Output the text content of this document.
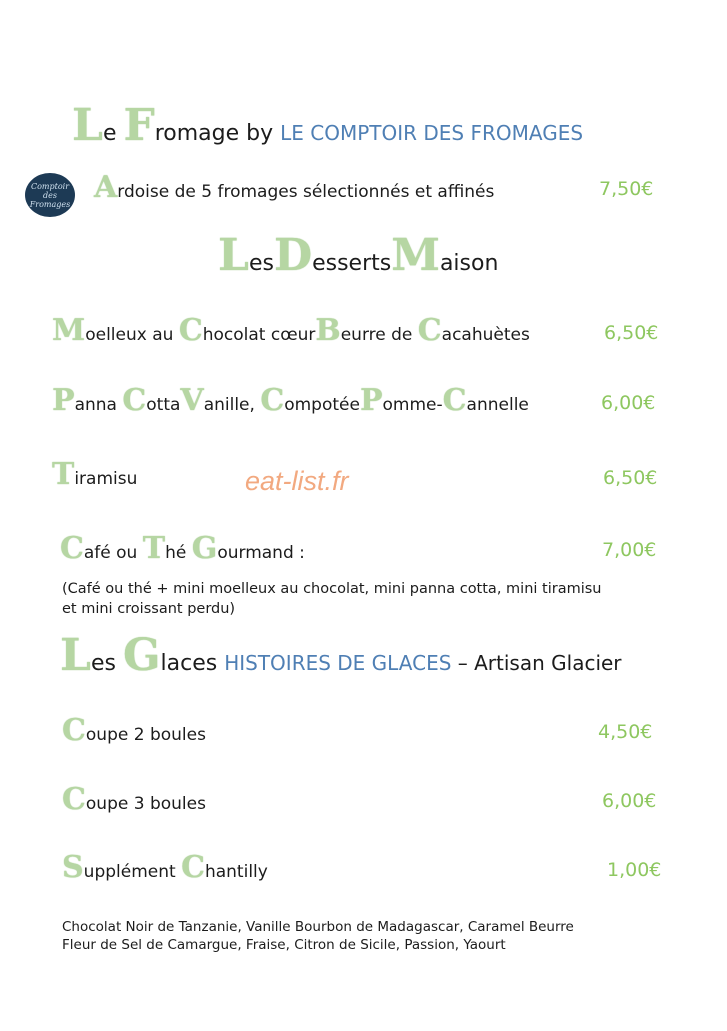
L e F romage by LE COMPTOIR DES FROMAGES
Comptoir des Fromages A rdoise de 5 fromages sélectionnés et affinés	7,50€
L es D esserts M aison
M oelleux au C hocolat cœur B eurre de C acahuètes	6,50€
P anna C otta V anille, C ompotée P omme- C annelle	6,00€
T iramisu	6,50€
eat-list.fr
C afé ou T hé G ourmand :	7,00€
(Café ou thé + mini moelleux au chocolat, mini panna cotta, mini tiramisu
et mini croissant perdu)
L es G laces HISTOIRES DE GLACES – Artisan Glacier
C oupe 2 boules	4,50€
C oupe 3 boules	6,00€
S upplément C hantilly	1,00€
Chocolat Noir de Tanzanie, Vanille Bourbon de Madagascar, Caramel Beurre
Fleur de Sel de Camargue, Fraise, Citron de Sicile, Passion, Yaourt
